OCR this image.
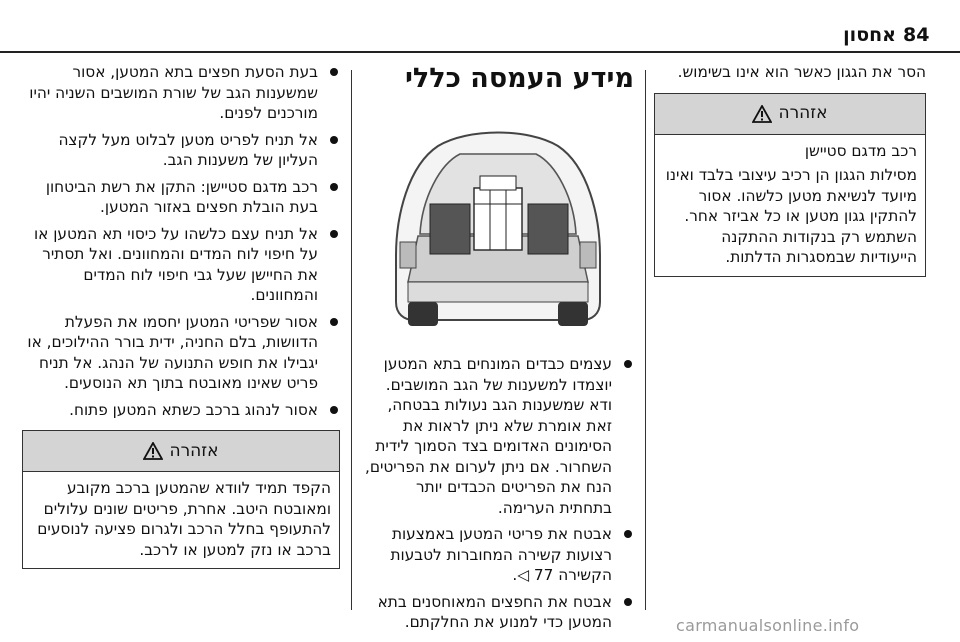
84
אחסון

הסר את הגגון כאשר הוא אינו בשימוש.

אזהרה
רכב מדגם סטיישן
מסילות הגגון הן רכיב עיצובי בלבד ואינו מיועד לנשיאת מטען כלשהו. אסור להתקין גגון מטען או כל אביזר אחר. השתמש רק בנקודות ההתקנה הייעודיות שבמסגרות הדלתות.
מידע העמסה כללי
עצמים כבדים המונחים בתא המטען יוצמדו למשענות של הגב המושבים. ודא שמשענות הגב נעולות בבטחה, זאת אומרת שלא ניתן לראות את הסימונים האדומים בצד הסמוך לידית השחרור. אם ניתן לערום את הפריטים, הנח את הפריטים הכבדים יותר בתחתית הערימה.
אבטח את פריטי המטען באמצעות רצועות קשירה המחוברות לטבעות הקשירה 77 ◁.
אבטח את החפצים המאוחסנים בתא המטען כדי למנוע את החלקתם.
בעת הסעת חפצים בתא המטען, אסור שמשענות הגב של שורת המושבים השניה יהיו מורכנים לפנים.
אל תניח לפריט מטען לבלוט מעל לקצה העליון של משענות הגב.
רכב מדגם סטיישן: התקן את רשת הביטחון בעת הובלת חפצים באזור המטען.
אל תניח עצם כלשהו על כיסוי תא המטען או על חיפוי לוח המדים והמחוונים. ואל תסתיר את החיישן שעל גבי חיפוי לוח המדים והמחוונים.
אסור שפריטי המטען יחסמו את הפעלת הדוושות, בלם החניה, ידית בורר ההילוכים, או יגבילו את חופש התנועה של הנהג. אל תניח פריט שאינו מאובטח בתוך תא הנוסעים.
אסור לנהוג ברכב כשתא המטען פתוח.
אזהרה
הקפד תמיד לוודא שהמטען ברכב מקובע ומאובטח היטב. אחרת, פריטים שונים עלולים להתעופף בחלל הרכב ולגרום פציעה לנוסעים ברכב או נזק למטען או לרכב.
carmanualsonline.info
